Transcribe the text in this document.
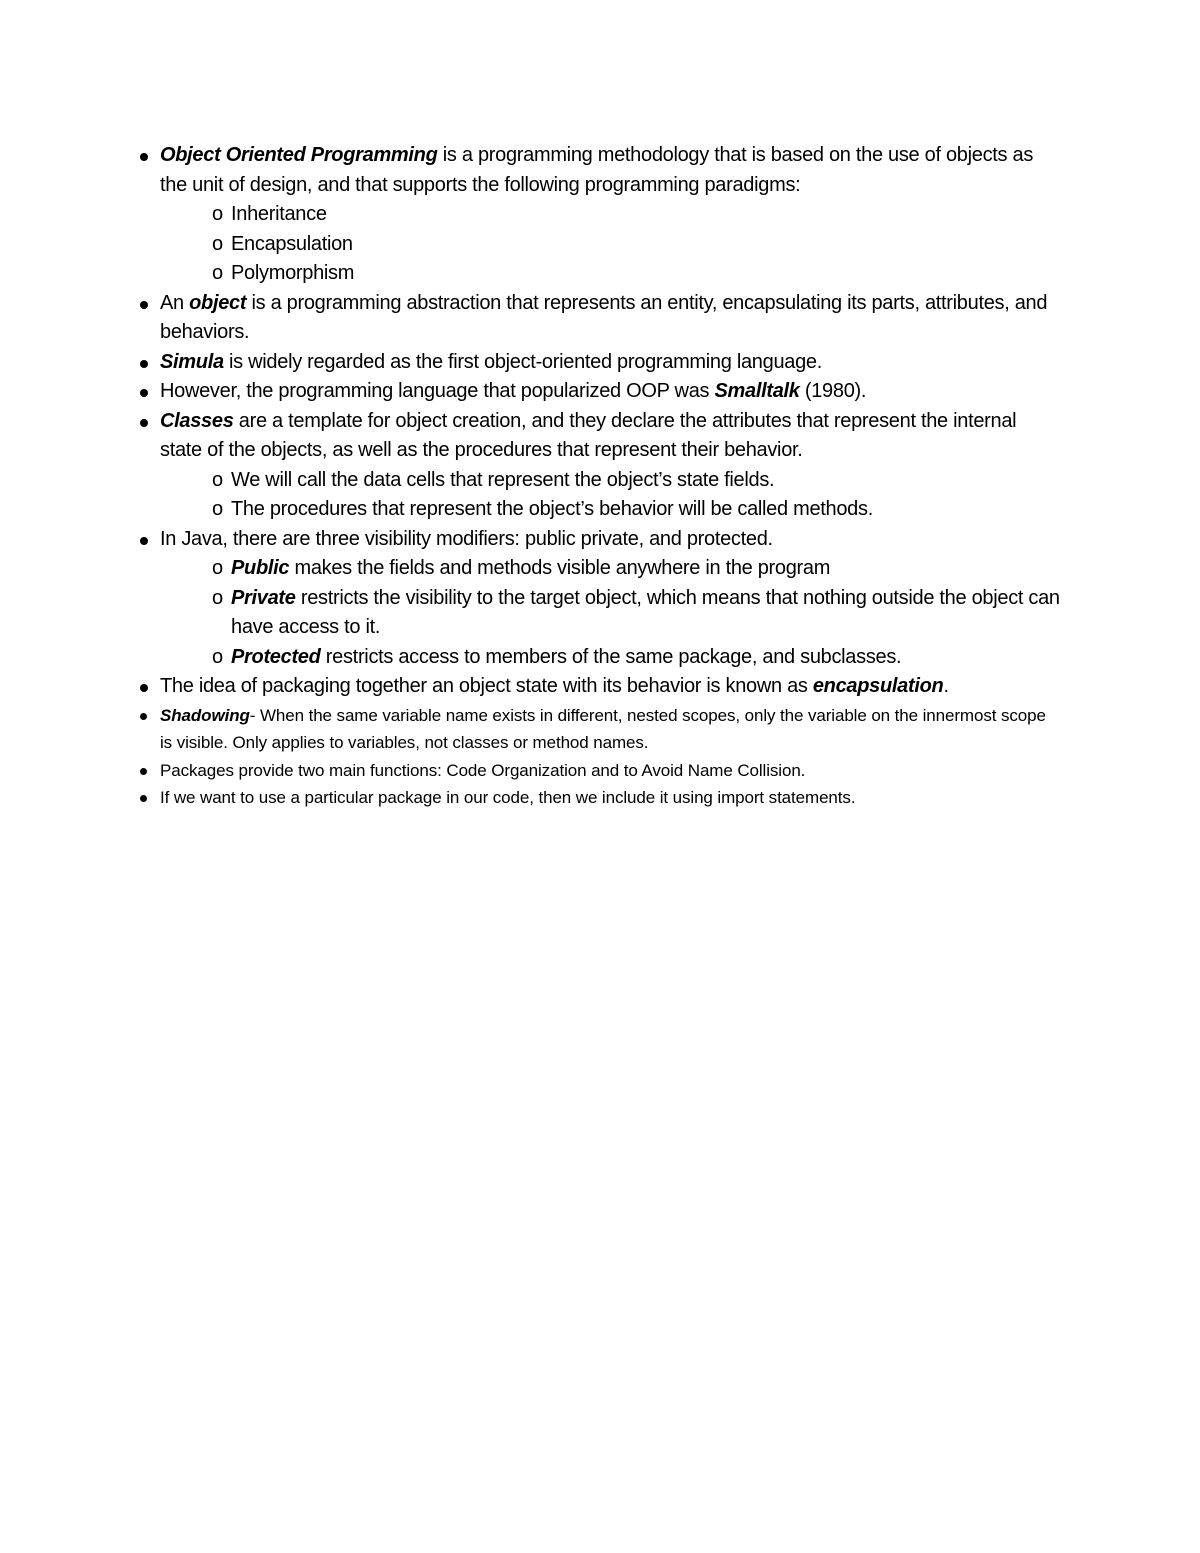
Object Oriented Programming is a programming methodology that is based on the use of objects as the unit of design, and that supports the following programming paradigms:
o Inheritance
o Encapsulation
o Polymorphism
An object is a programming abstraction that represents an entity, encapsulating its parts, attributes, and behaviors.
Simula is widely regarded as the first object-oriented programming language.
However, the programming language that popularized OOP was Smalltalk (1980).
Classes are a template for object creation, and they declare the attributes that represent the internal state of the objects, as well as the procedures that represent their behavior.
o We will call the data cells that represent the object’s state fields.
o The procedures that represent the object’s behavior will be called methods.
In Java, there are three visibility modifiers: public private, and protected.
o Public makes the fields and methods visible anywhere in the program
o Private restricts the visibility to the target object, which means that nothing outside the object can have access to it.
o Protected restricts access to members of the same package, and subclasses.
The idea of packaging together an object state with its behavior is known as encapsulation.
Shadowing- When the same variable name exists in different, nested scopes, only the variable on the innermost scope is visible. Only applies to variables, not classes or method names.
Packages provide two main functions: Code Organization and to Avoid Name Collision.
If we want to use a particular package in our code, then we include it using import statements.
